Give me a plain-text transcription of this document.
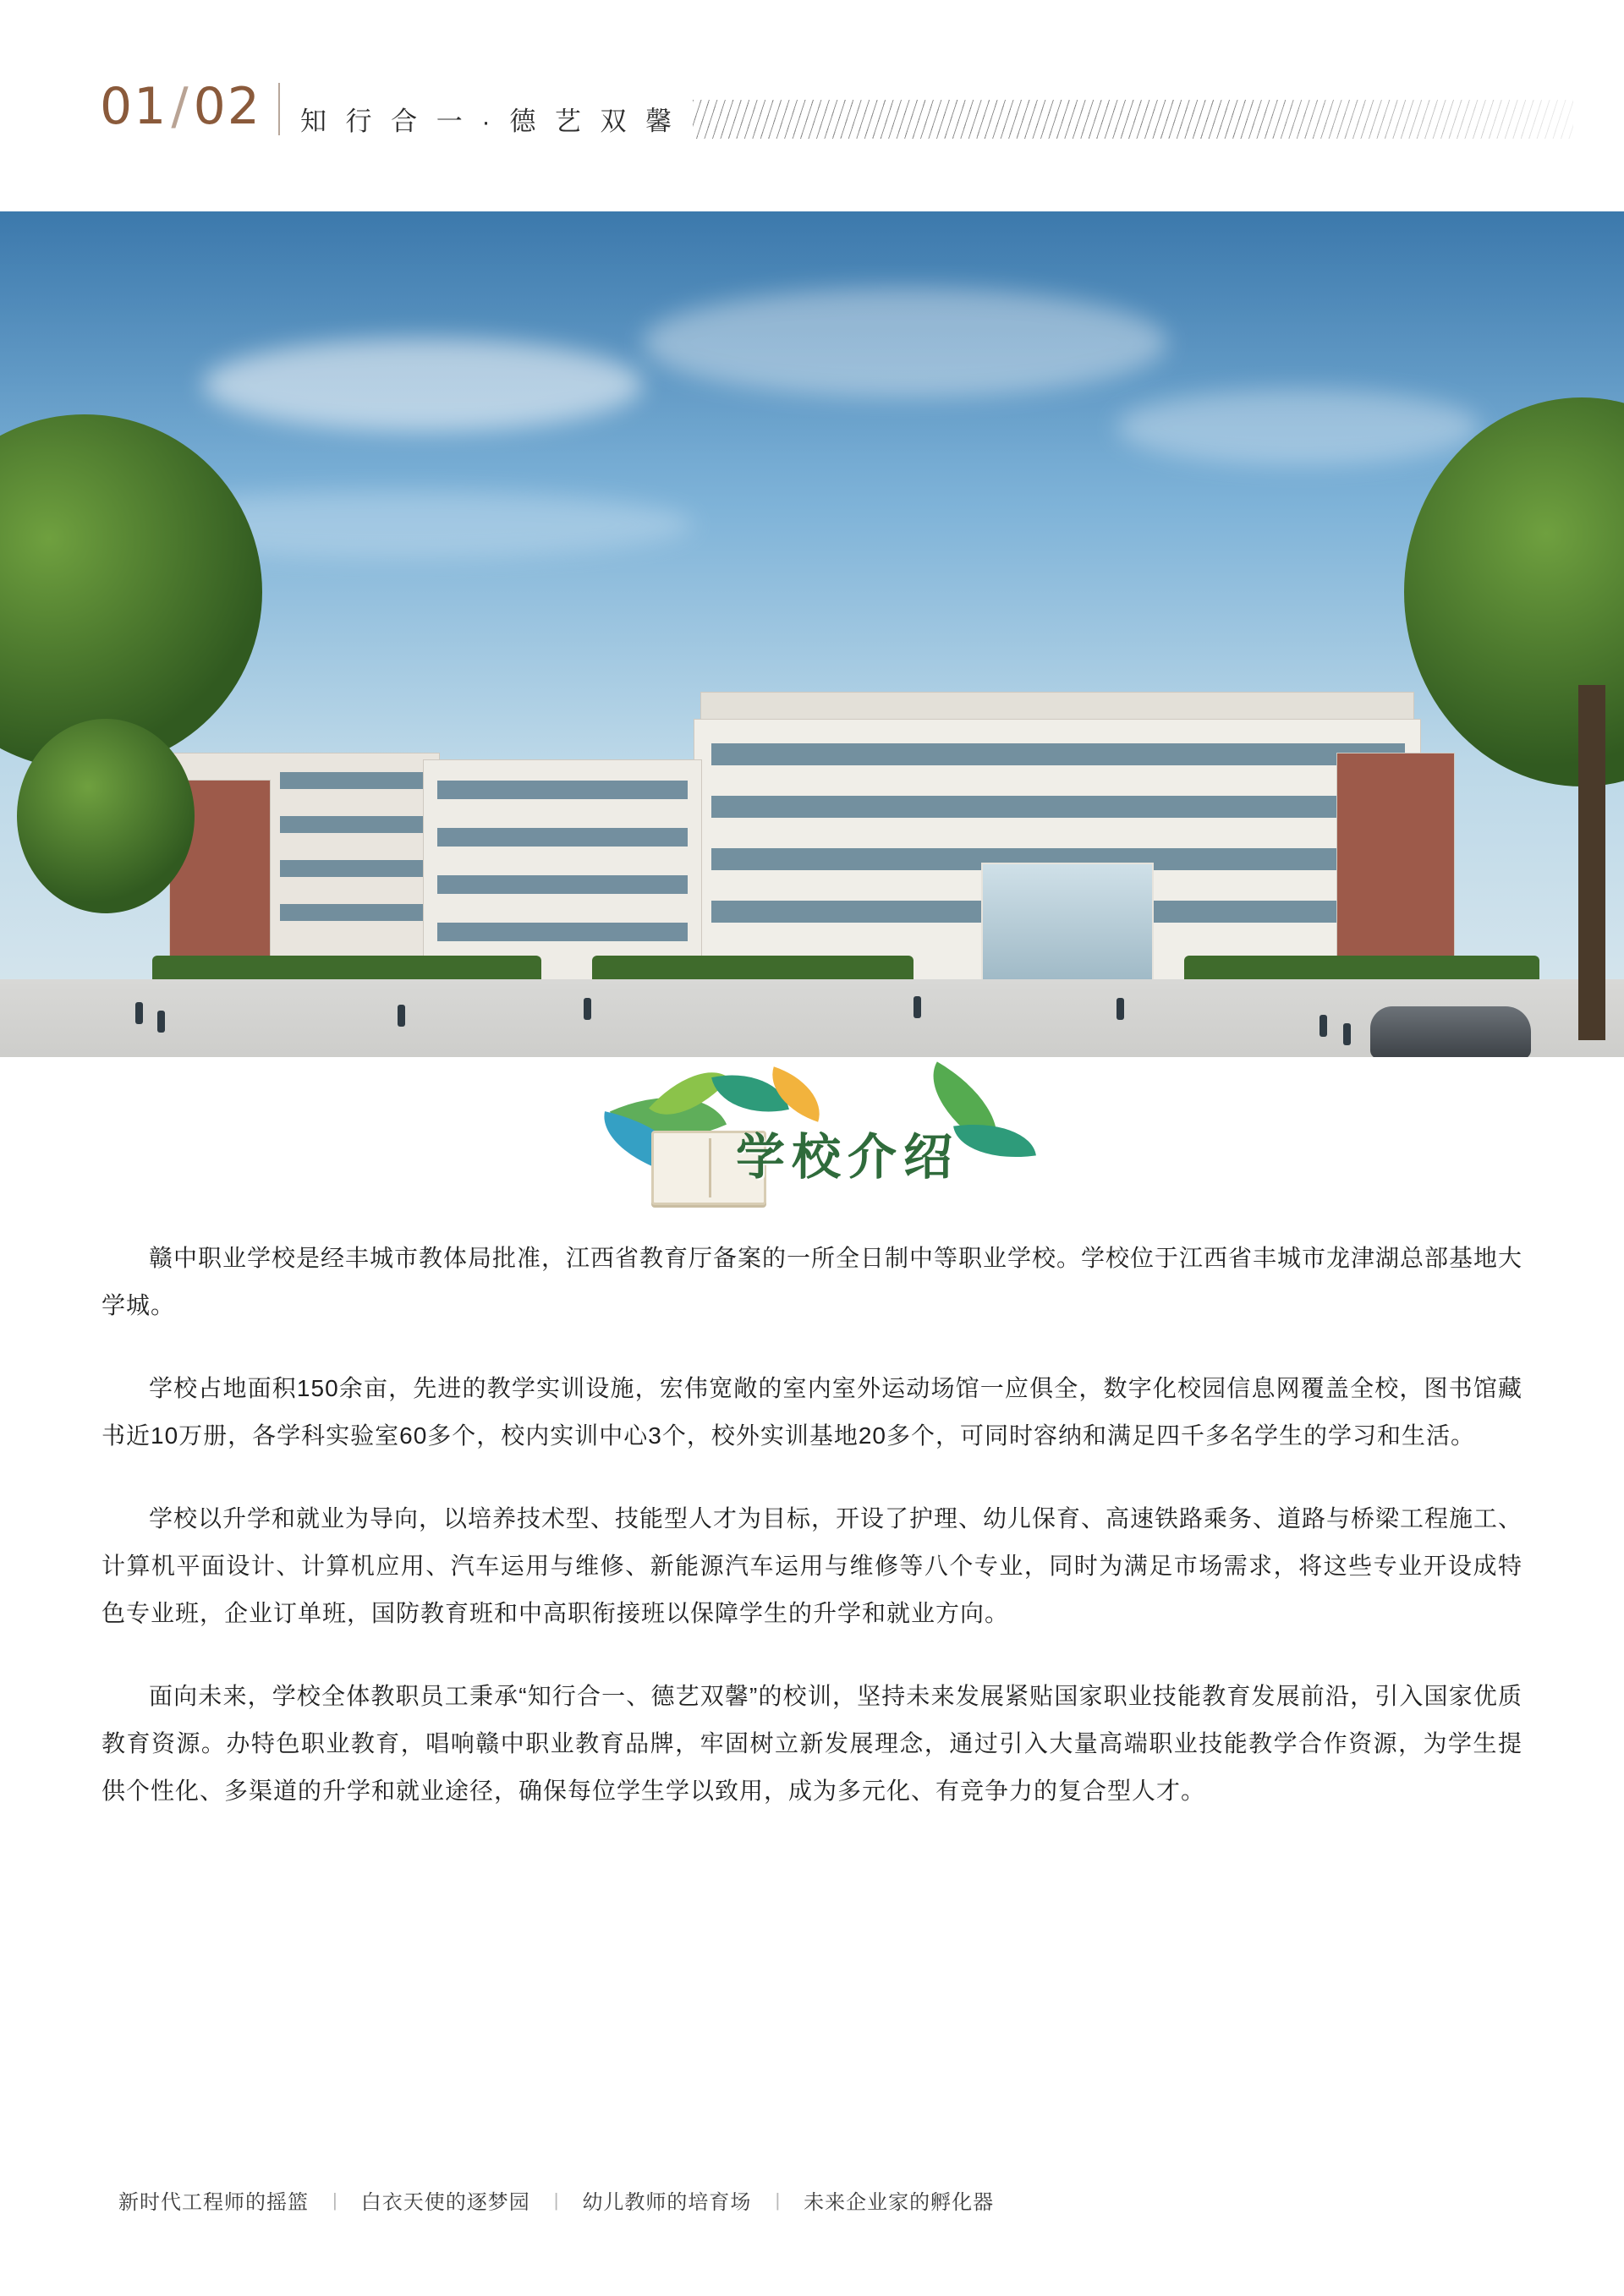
01/02 知 行 合 一 · 德 艺 双 馨
学校介绍

赣中职业学校是经丰城市教体局批准，江西省教育厅备案的一所全日制中等职业学校。学校位于江西省丰城市龙津湖总部基地大学城。

学校占地面积150余亩，先进的教学实训设施，宏伟宽敞的室内室外运动场馆一应俱全，数字化校园信息网覆盖全校，图书馆藏书近10万册，各学科实验室60多个，校内实训中心3个，校外实训基地20多个，可同时容纳和满足四千多名学生的学习和生活。

学校以升学和就业为导向，以培养技术型、技能型人才为目标，开设了护理、幼儿保育、高速铁路乘务、道路与桥梁工程施工、计算机平面设计、计算机应用、汽车运用与维修、新能源汽车运用与维修等八个专业，同时为满足市场需求，将这些专业开设成特色专业班，企业订单班，国防教育班和中高职衔接班以保障学生的升学和就业方向。

面向未来，学校全体教职员工秉承“知行合一、德艺双馨”的校训，坚持未来发展紧贴国家职业技能教育发展前沿，引入国家优质教育资源。办特色职业教育，唱响赣中职业教育品牌，牢固树立新发展理念，通过引入大量高端职业技能教学合作资源，为学生提供个性化、多渠道的升学和就业途径，确保每位学生学以致用，成为多元化、有竞争力的复合型人才。

新时代工程师的摇篮	|	白衣天使的逐梦园	|	幼儿教师的培育场	|	未来企业家的孵化器
